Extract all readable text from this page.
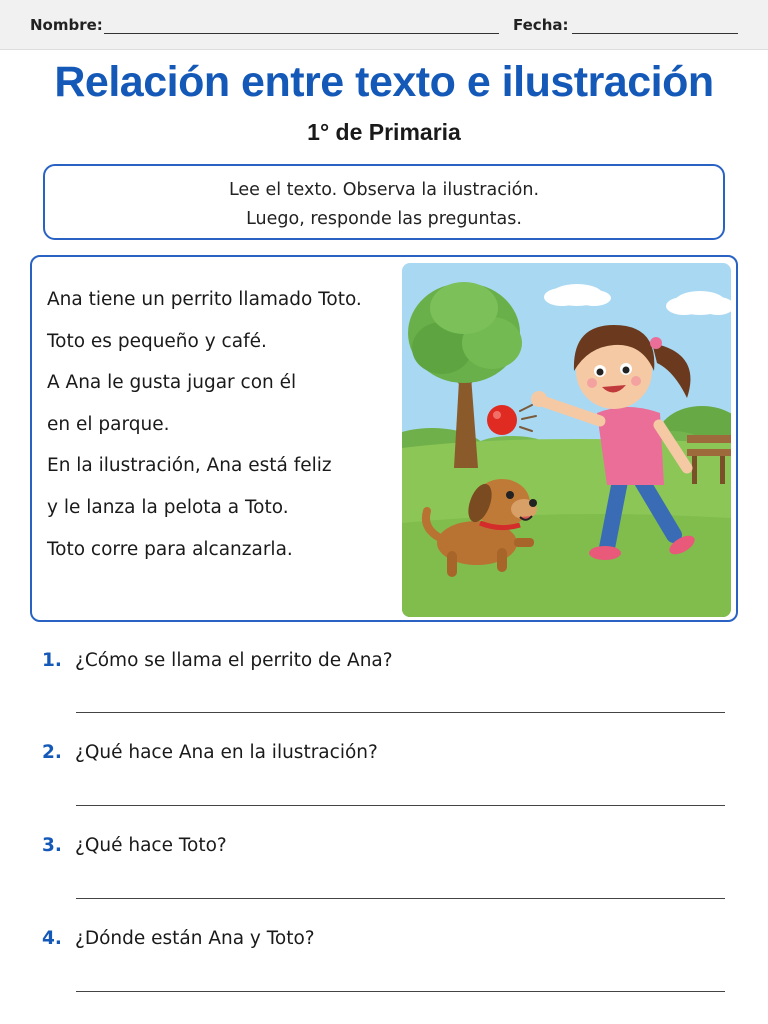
Nombre:	Fecha:
Relación entre texto e ilustración
1° de Primaria
Lee el texto. Observa la ilustración.
Luego, responde las preguntas.
Ana tiene un perrito llamado Toto.
Toto es pequeño y café.
A Ana le gusta jugar con él
en el parque.
En la ilustración, Ana está feliz
y le lanza la pelota a Toto.
Toto corre para alcanzarla.
1. ¿Cómo se llama el perrito de Ana?
2. ¿Qué hace Ana en la ilustración?
3. ¿Qué hace Toto?
4. ¿Dónde están Ana y Toto?
